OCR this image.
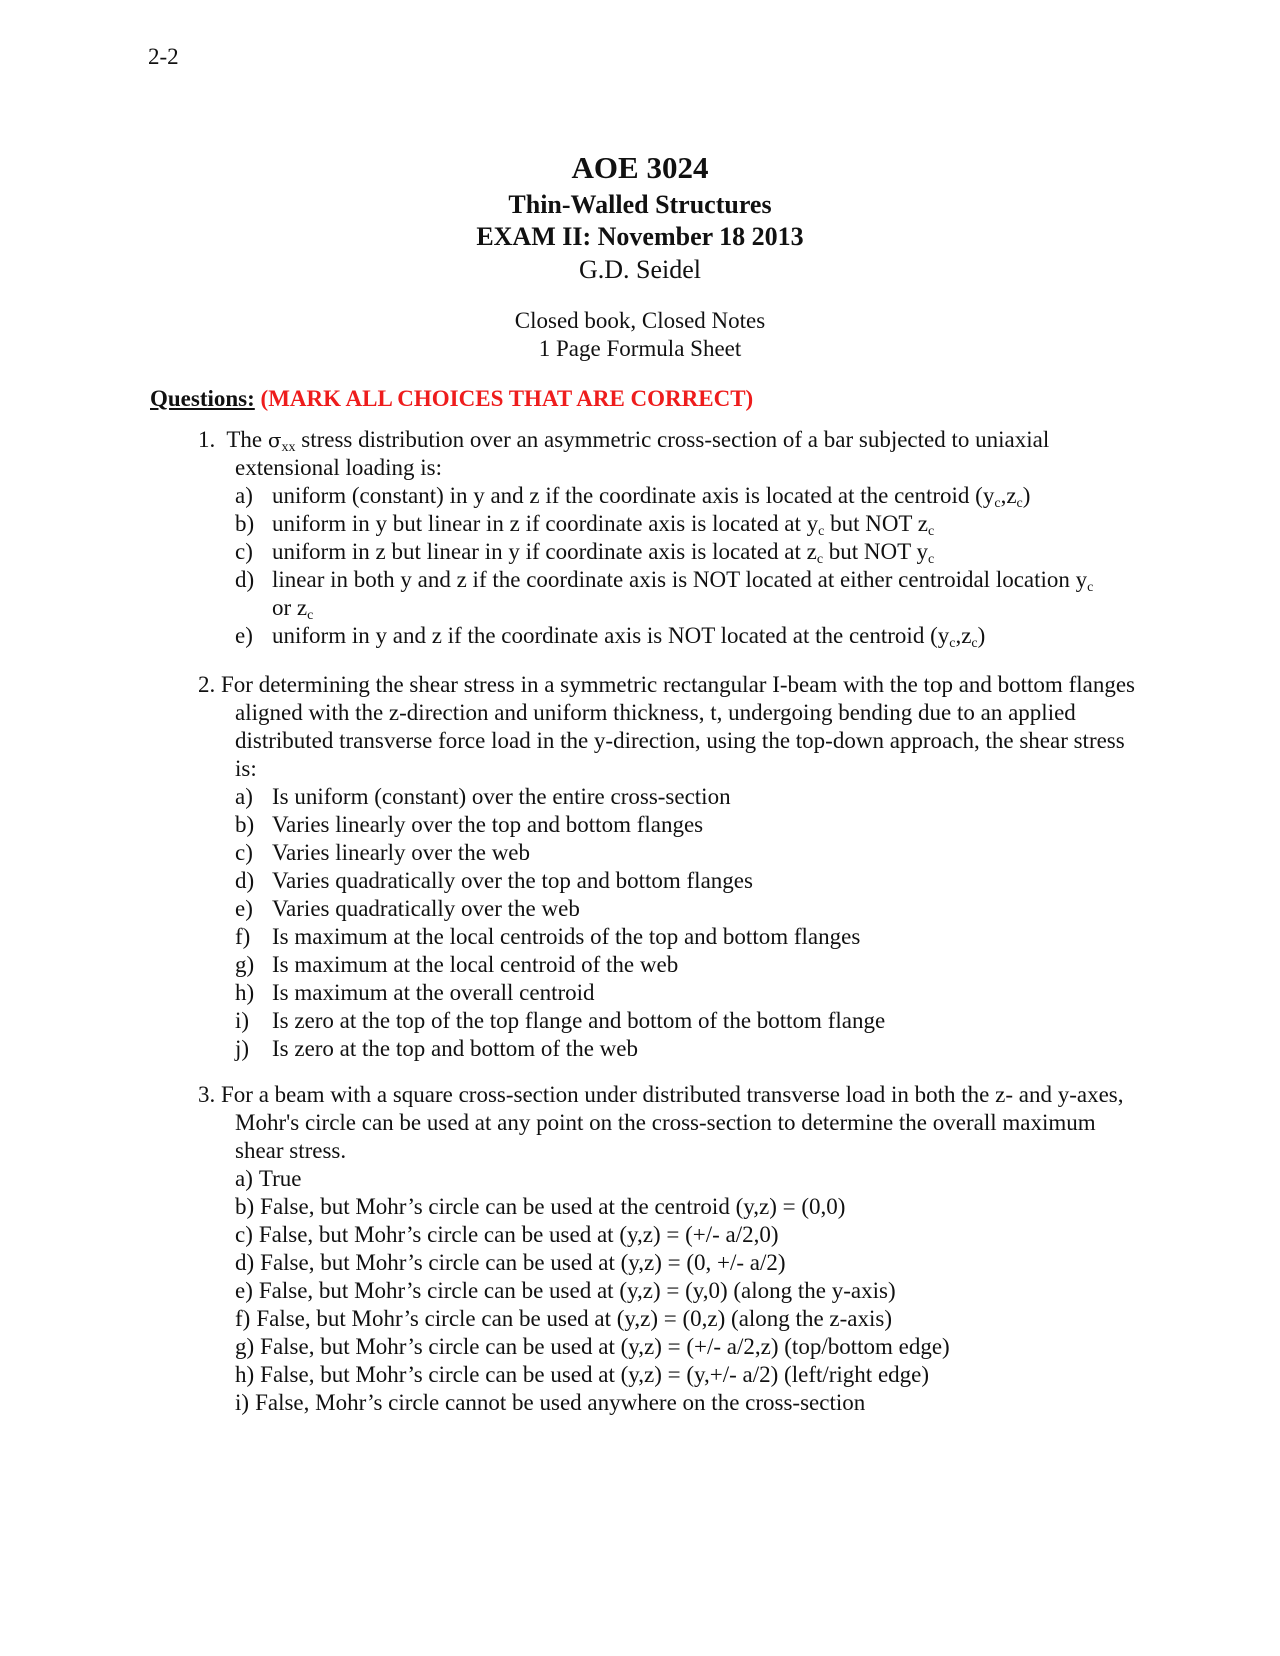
2-2
AOE 3024
Thin-Walled Structures
EXAM II: November 18 2013
G.D. Seidel
Closed book, Closed Notes
1 Page Formula Sheet
Questions: (MARK ALL CHOICES THAT ARE CORRECT)
1. The $\sigma_{xx}$ stress distribution over an asymmetric cross-section of a bar subjected to uniaxial extensional loading is:
a) uniform (constant) in y and z if the coordinate axis is located at the centroid $(y_c,z_c)$
b) uniform in y but linear in z if coordinate axis is located at $y_c$ but NOT $z_c$
c) uniform in z but linear in y if coordinate axis is located at $z_c$ but NOT $y_c$
d) linear in both y and z if the coordinate axis is NOT located at either centroidal location $y_c$ or $z_c$
e) uniform in y and z if the coordinate axis is NOT located at the centroid $(y_c,z_c)$
2. For determining the shear stress in a symmetric rectangular I-beam with the top and bottom flanges aligned with the z-direction and uniform thickness, t, undergoing bending due to an applied distributed transverse force load in the y-direction, using the top-down approach, the shear stress is:
a) Is uniform (constant) over the entire cross-section
b) Varies linearly over the top and bottom flanges
c) Varies linearly over the web
d) Varies quadratically over the top and bottom flanges
e) Varies quadratically over the web
f) Is maximum at the local centroids of the top and bottom flanges
g) Is maximum at the local centroid of the web
h) Is maximum at the overall centroid
i) Is zero at the top of the top flange and bottom of the bottom flange
j) Is zero at the top and bottom of the web
3. For a beam with a square cross-section under distributed transverse load in both the z- and y-axes, Mohr's circle can be used at any point on the cross-section to determine the overall maximum shear stress.
a) True
b) False, but Mohr’s circle can be used at the centroid (y,z) = (0,0)
c) False, but Mohr’s circle can be used at (y,z) = (+/- a/2,0)
d) False, but Mohr’s circle can be used at (y,z) = (0, +/- a/2)
e) False, but Mohr’s circle can be used at (y,z) = (y,0) (along the y-axis)
f) False, but Mohr’s circle can be used at (y,z) = (0,z) (along the z-axis)
g) False, but Mohr’s circle can be used at (y,z) = (+/- a/2,z) (top/bottom edge)
h) False, but Mohr’s circle can be used at (y,z) = (y,+/- a/2) (left/right edge)
i) False, Mohr’s circle cannot be used anywhere on the cross-section
